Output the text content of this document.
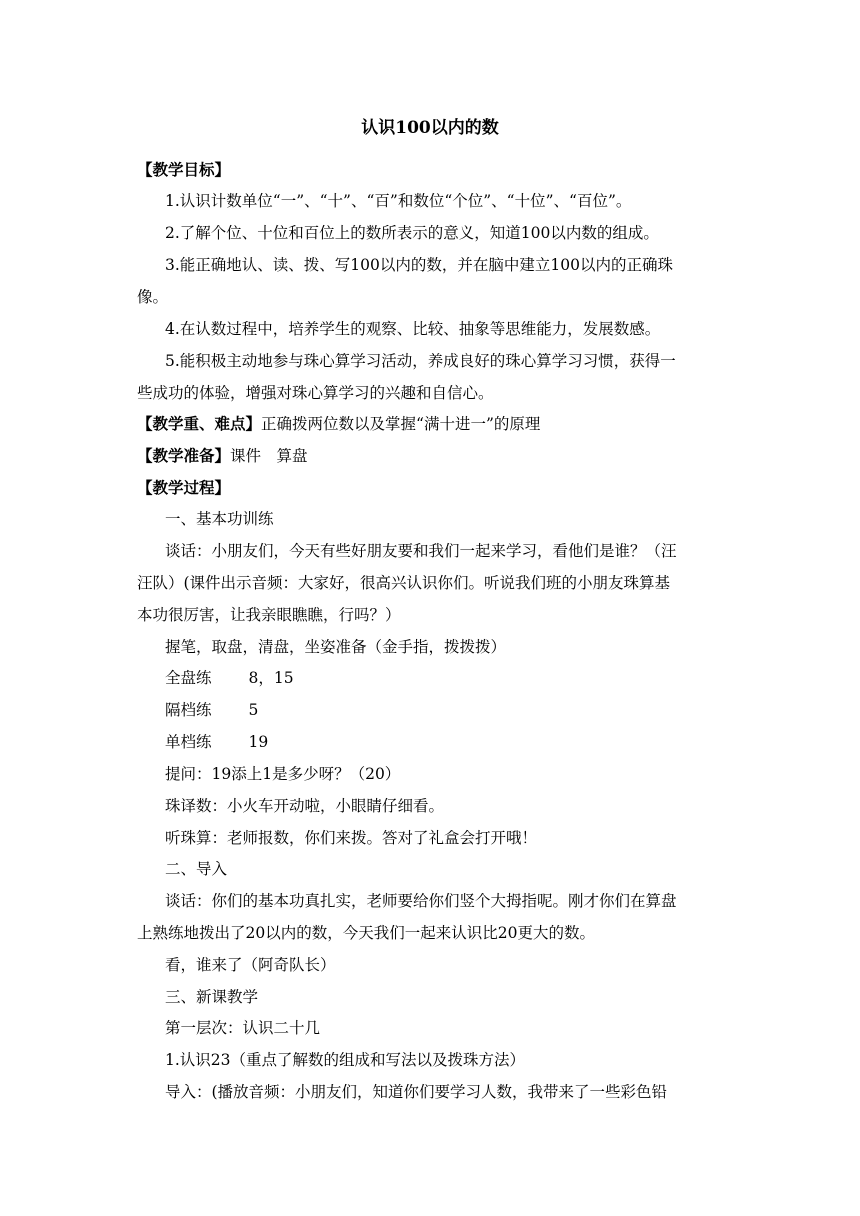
认识100以内的数
【教学目标】
1.认识计数单位“一”、“十”、“百”和数位“个位”、“十位”、“百位”。
2.了解个位、十位和百位上的数所表示的意义，知道100以内数的组成。
3.能正确地认、读、拨、写100以内的数，并在脑中建立100以内的正确珠
像。
4.在认数过程中，培养学生的观察、比较、抽象等思维能力，发展数感。
5.能积极主动地参与珠心算学习活动，养成良好的珠心算学习习惯，获得一
些成功的体验，增强对珠心算学习的兴趣和自信心。
【教学重、难点】正确拨两位数以及掌握“满十进一”的原理
【教学准备】课件　算盘
【教学过程】
一、基本功训练
谈话：小朋友们，今天有些好朋友要和我们一起来学习，看他们是谁？（汪
汪队）(课件出示音频：大家好，很高兴认识你们。听说我们班的小朋友珠算基
本功很厉害，让我亲眼瞧瞧，行吗？）
握笔，取盘，清盘，坐姿准备（金手指，拨拨拨）
全盘练 8，15
隔档练 5
单档练 19
提问：19添上1是多少呀？（20）
珠译数：小火车开动啦，小眼睛仔细看。
听珠算：老师报数，你们来拨。答对了礼盒会打开哦！
二、导入
谈话：你们的基本功真扎实，老师要给你们竖个大拇指呢。刚才你们在算盘
上熟练地拨出了20以内的数，今天我们一起来认识比20更大的数。
看，谁来了（阿奇队长）
三、新课教学
第一层次：认识二十几
1.认识23（重点了解数的组成和写法以及拨珠方法）
导入：(播放音频：小朋友们，知道你们要学习人数，我带来了一些彩色铅
